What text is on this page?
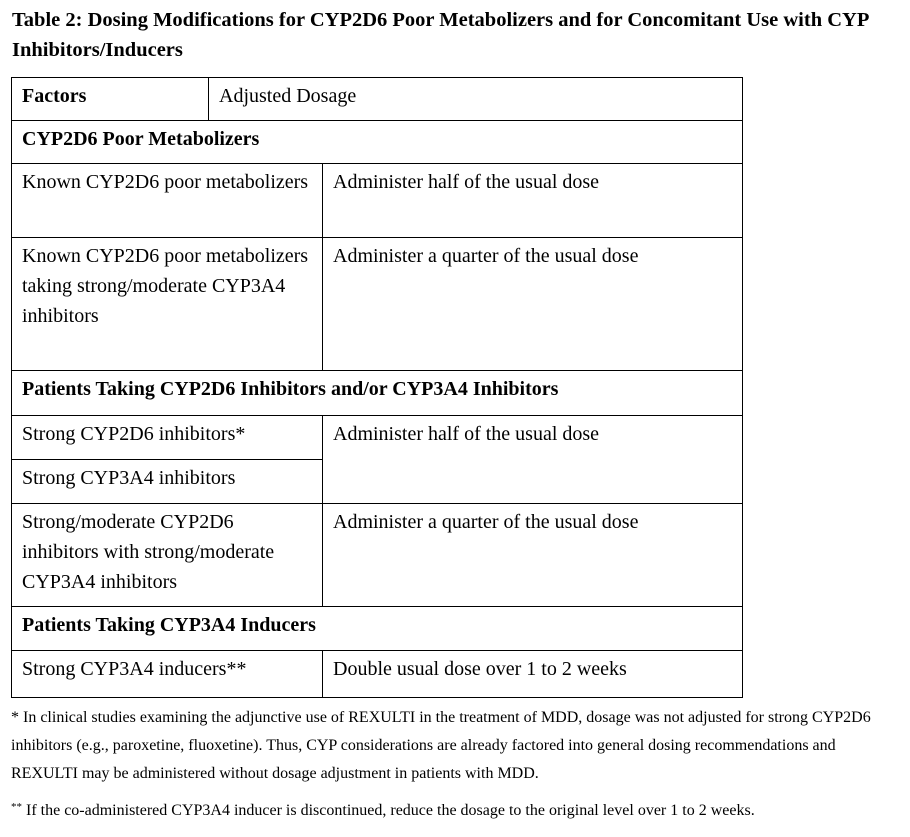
Table 2: Dosing Modifications for CYP2D6 Poor Metabolizers and for Concomitant Use with CYP Inhibitors/Inducers
Factors	Adjusted Dosage	
CYP2D6 Poor Metabolizers		
Known CYP2D6 poor metabolizers		Administer half of the usual dose
Known CYP2D6 poor metabolizers taking strong/moderate CYP3A4 inhibitors		Administer a quarter of the usual dose
Patients Taking CYP2D6 Inhibitors and/or CYP3A4 Inhibitors		
Strong CYP2D6 inhibitors*		Administer half of the usual dose
Strong CYP3A4 inhibitors		
Strong/moderate CYP2D6 inhibitors with strong/moderate CYP3A4 inhibitors		Administer a quarter of the usual dose
Patients Taking CYP3A4 Inducers		
Strong CYP3A4 inducers**		Double usual dose over 1 to 2 weeks
* In clinical studies examining the adjunctive use of REXULTI in the treatment of MDD, dosage was not adjusted for strong CYP2D6 inhibitors (e.g., paroxetine, fluoxetine). Thus, CYP considerations are already factored into general dosing recommendations and REXULTI may be administered without dosage adjustment in patients with MDD.
** If the co-administered CYP3A4 inducer is discontinued, reduce the dosage to the original level over 1 to 2 weeks.
